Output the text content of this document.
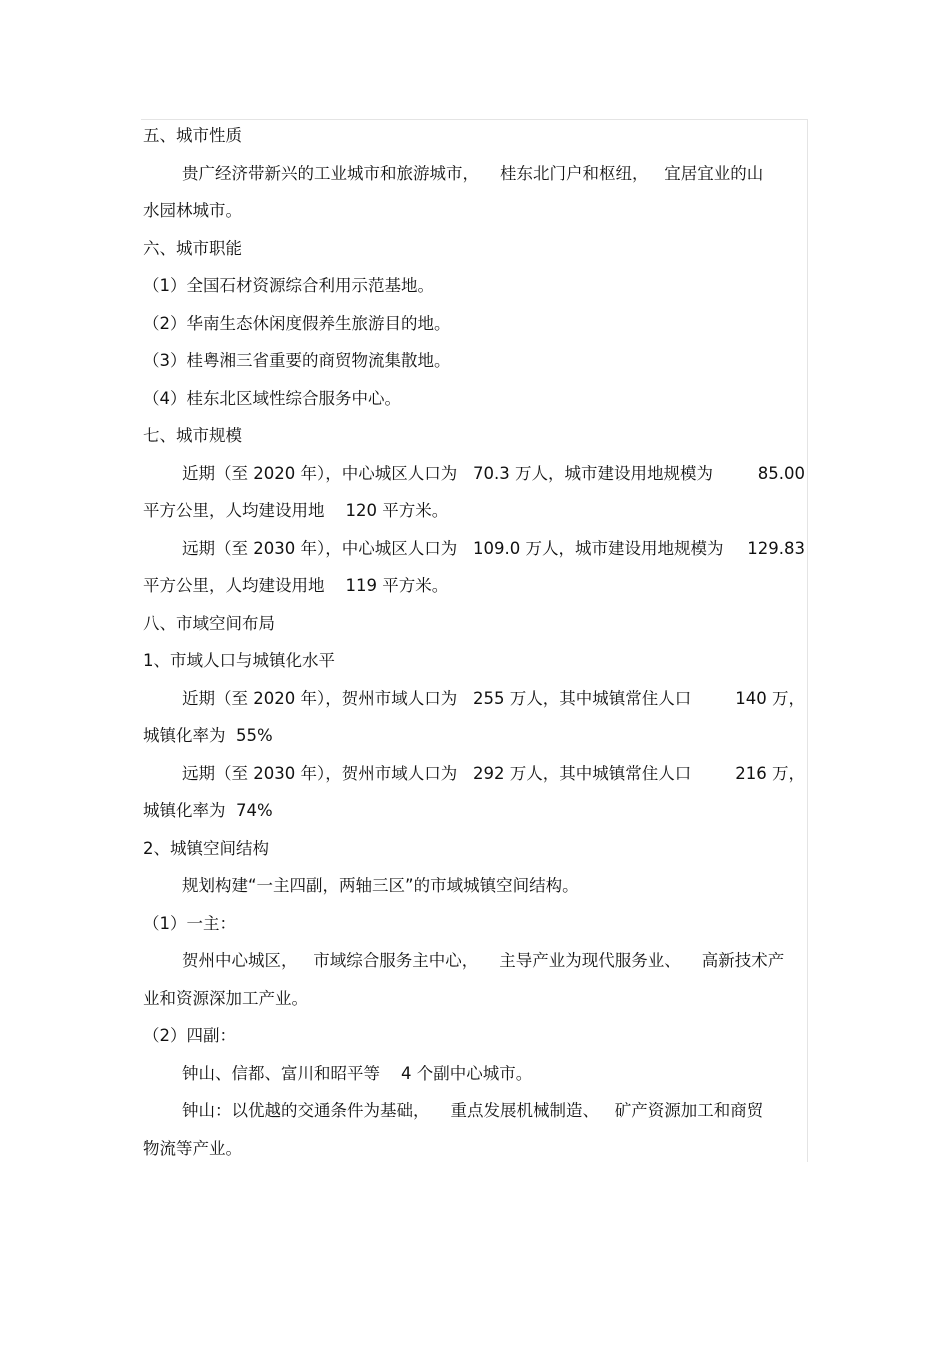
五、城市性质
贵广经济带新兴的工业城市和旅游城市，    桂东北门户和枢纽，   宜居宜业的山
水园林城市。
六、城市职能
（1）全国石材资源综合利用示范基地。
（2）华南生态休闲度假养生旅游目的地。
（3）桂粤湘三省重要的商贸物流集散地。
（4）桂东北区域性综合服务中心。
七、城市规模
近期（至 2020 年），中心城区人口为   70.3 万人，城市建设用地规模为	85.00
平方公里，人均建设用地    120 平方米。
远期（至 2030 年），中心城区人口为   109.0 万人，城市建设用地规模为 129.83
平方公里，人均建设用地    119 平方米。
八、市域空间布局
1、市域人口与城镇化水平
近期（至 2020 年），贺州市域人口为   255 万人，其中城镇常住人口	140 万，
城镇化率为  55%
远期（至 2030 年），贺州市域人口为   292 万人，其中城镇常住人口	216 万，
城镇化率为  74%
2、城镇空间结构
规划构建“一主四副，两轴三区”的市域城镇空间结构。
（1）一主：
贺州中心城区，   市域综合服务主中心，    主导产业为现代服务业、    高新技术产
业和资源深加工产业。
（2）四副：
钟山、信都、富川和昭平等    4 个副中心城市。
钟山：以优越的交通条件为基础，    重点发展机械制造、   矿产资源加工和商贸
物流等产业。
